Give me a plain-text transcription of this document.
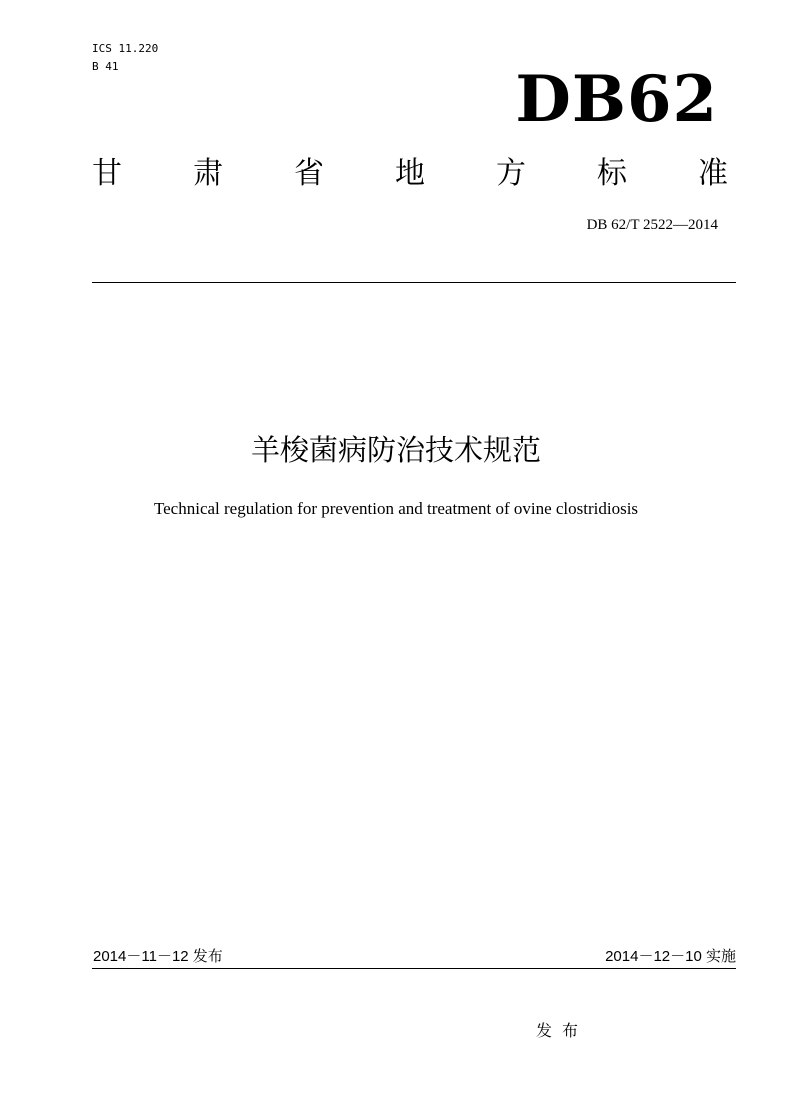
ICS 11.220
B 41	DB62
甘 肃 省 地 方 标 准
DB 62/T 2522—2014
羊梭菌病防治技术规范
Technical regulation for prevention and treatment of ovine clostridiosis
2014－11－12 发布	2014－12－10 实施
发布
